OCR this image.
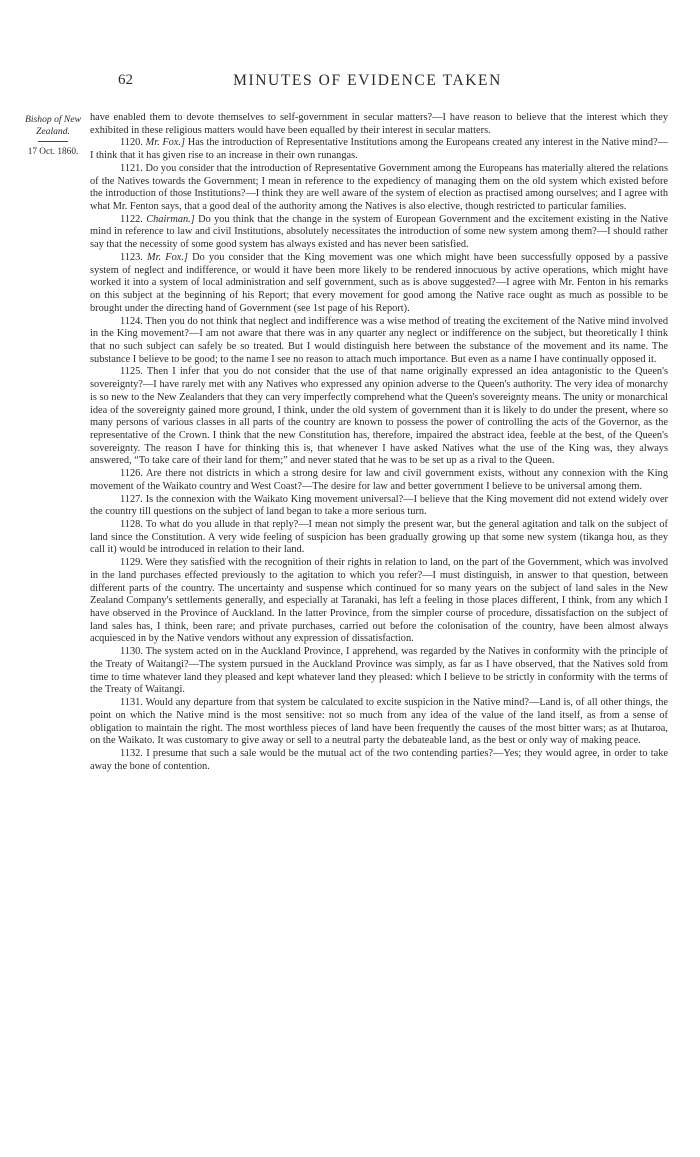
62	MINUTES OF EVIDENCE TAKEN
Bishop of New Zealand.
17 Oct. 1860.

have enabled them to devote themselves to self-government in secular matters?—I have reason to believe that the interest which they exhibited in these religious matters would have been equalled by their interest in secular matters.

1120. Mr. Fox.] Has the introduction of Representative Institutions among the Europeans created any interest in the Native mind?—I think that it has given rise to an increase in their own runangas.

1121. Do you consider that the introduction of Representative Government among the Europeans has materially altered the relations of the Natives towards the Government; I mean in reference to the expediency of managing them on the old system which existed before the introduction of those Institutions?—I think they are well aware of the system of election as practised among ourselves; and I agree with what Mr. Fenton says, that a good deal of the authority among the Natives is also elective, though restricted to particular families.

1122. Chairman.] Do you think that the change in the system of European Government and the excitement existing in the Native mind in reference to law and civil Institutions, absolutely necessitates the introduction of some new system among them?—I should rather say that the necessity of some good system has always existed and has never been satisfied.

1123. Mr. Fox.] Do you consider that the King movement was one which might have been successfully opposed by a passive system of neglect and indifference, or would it have been more likely to be rendered innocuous by active operations, which might have worked it into a system of local administration and self government, such as is above suggested?—I agree with Mr. Fenton in his remarks on this subject at the beginning of his Report; that every movement for good among the Native race ought as much as possible to be brought under the directing hand of Government (see 1st page of his Report).

1124. Then you do not think that neglect and indifference was a wise method of treating the excitement of the Native mind involved in the King movement?—I am not aware that there was in any quarter any neglect or indifference on the subject, but theoretically I think that no such subject can safely be so treated. But I would distinguish here between the substance of the movement and its name. The substance I believe to be good; to the name I see no reason to attach much importance. But even as a name I have continually opposed it.

1125. Then I infer that you do not consider that the use of that name originally expressed an idea antagonistic to the Queen's sovereignty?—I have rarely met with any Natives who expressed any opinion adverse to the Queen's authority. The very idea of monarchy is so new to the New Zealanders that they can very imperfectly comprehend what the Queen's sovereignty means. The unity or monarchical idea of the sovereignty gained more ground, I think, under the old system of government than it is likely to do under the present, where so many persons of various classes in all parts of the country are known to possess the power of controlling the acts of the Governor, as the representative of the Crown. I think that the new Constitution has, therefore, impaired the abstract idea, feeble at the best, of the Queen's sovereignty. The reason I have for thinking this is, that whenever I have asked Natives what the use of the King was, they always answered, “To take care of their land for them;” and never stated that he was to be set up as a rival to the Queen.

1126. Are there not districts in which a strong desire for law and civil government exists, without any connexion with the King movement of the Waikato country and West Coast?—The desire for law and better government I believe to be universal among them.

1127. Is the connexion with the Waikato King movement universal?—I believe that the King movement did not extend widely over the country till questions on the subject of land began to take a more serious turn.

1128. To what do you allude in that reply?—I mean not simply the present war, but the general agitation and talk on the subject of land since the Constitution. A very wide feeling of suspicion has been gradually growing up that some new system (tikanga hou, as they call it) would be introduced in relation to their land.

1129. Were they satisfied with the recognition of their rights in relation to land, on the part of the Government, which was involved in the land purchases effected previously to the agitation to which you refer?—I must distinguish, in answer to that question, between different parts of the country. The uncertainty and suspense which continued for so many years on the subject of land sales in the New Zealand Company's settlements generally, and especially at Taranaki, has left a feeling in those places different, I think, from any which I have observed in the Province of Auckland. In the latter Province, from the simpler course of procedure, dissatisfaction on the subject of land sales has, I think, been rare; and private purchases, carried out before the colonisation of the country, have been almost always acquiesced in by the Native vendors without any expression of dissatisfaction.

1130. The system acted on in the Auckland Province, I apprehend, was regarded by the Natives in conformity with the principle of the Treaty of Waitangi?—The system pursued in the Auckland Province was simply, as far as I have observed, that the Natives sold from time to time whatever land they pleased and kept whatever land they pleased: which I believe to be strictly in conformity with the terms of the Treaty of Waitangi.

1131. Would any departure from that system be calculated to excite suspicion in the Native mind?—Land is, of all other things, the point on which the Native mind is the most sensitive: not so much from any idea of the value of the land itself, as from a sense of obligation to maintain the right. The most worthless pieces of land have been frequently the causes of the most bitter wars; as at Ihutaroa, on the Waikato. It was customary to give away or sell to a neutral party the debateable land, as the best or only way of making peace.

1132. I presume that such a sale would be the mutual act of the two contending parties?—Yes; they would agree, in order to take away the bone of contention.
